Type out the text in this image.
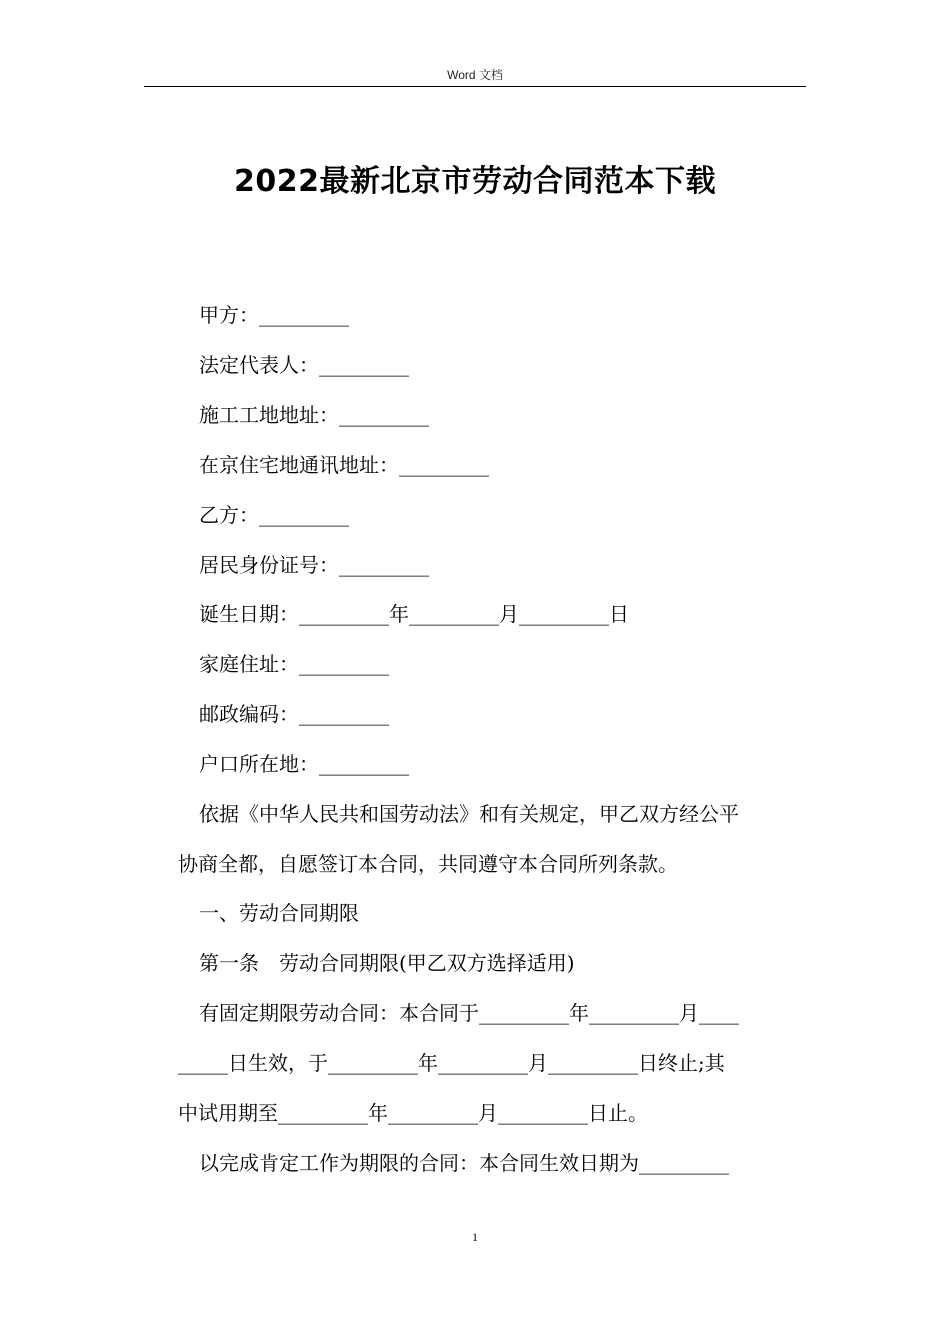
Word 文档
2022最新北京市劳动合同范本下载
甲方：_________
法定代表人：_________
施工工地地址：_________
在京住宅地通讯地址：_________
乙方：_________
居民身份证号：_________
诞生日期：_________年_________月_________日
家庭住址：_________
邮政编码：_________
户口所在地：_________
依据《中华人民共和国劳动法》和有关规定，甲乙双方经公平
协商全都，自愿签订本合同，共同遵守本合同所列条款。
一、劳动合同期限
第一条　劳动合同期限(甲乙双方选择适用)
有固定期限劳动合同：本合同于_________年_________月____
_____日生效，于_________年_________月_________日终止;其
中试用期至_________年_________月_________日止。
以完成肯定工作为期限的合同：本合同生效日期为_________
1
